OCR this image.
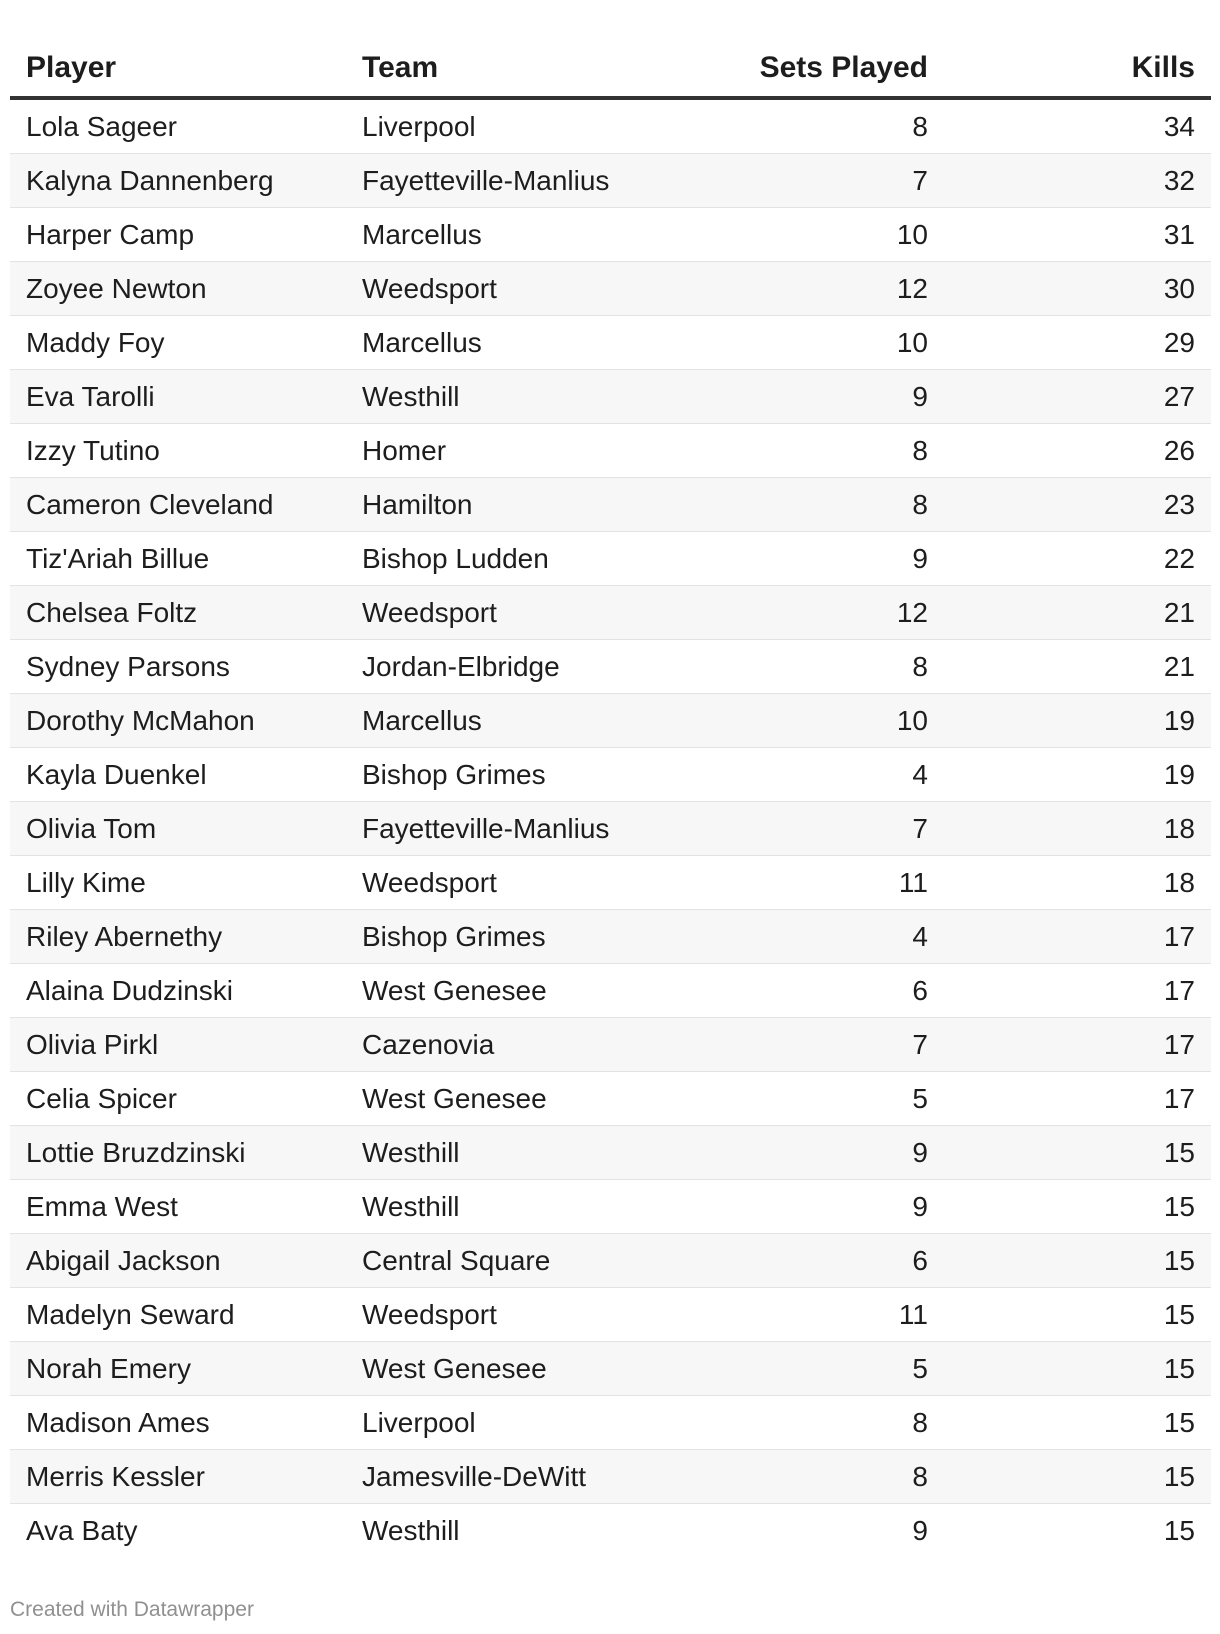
Player	Team	Sets Played	Kills
Lola Sageer	Liverpool	8	34
Kalyna Dannenberg	Fayetteville-Manlius	7	32
Harper Camp	Marcellus	10	31
Zoyee Newton	Weedsport	12	30
Maddy Foy	Marcellus	10	29
Eva Tarolli	Westhill	9	27
Izzy Tutino	Homer	8	26
Cameron Cleveland	Hamilton	8	23
Tiz'Ariah Billue	Bishop Ludden	9	22
Chelsea Foltz	Weedsport	12	21
Sydney Parsons	Jordan-Elbridge	8	21
Dorothy McMahon	Marcellus	10	19
Kayla Duenkel	Bishop Grimes	4	19
Olivia Tom	Fayetteville-Manlius	7	18
Lilly Kime	Weedsport	11	18
Riley Abernethy	Bishop Grimes	4	17
Alaina Dudzinski	West Genesee	6	17
Olivia Pirkl	Cazenovia	7	17
Celia Spicer	West Genesee	5	17
Lottie Bruzdzinski	Westhill	9	15
Emma West	Westhill	9	15
Abigail Jackson	Central Square	6	15
Madelyn Seward	Weedsport	11	15
Norah Emery	West Genesee	5	15
Madison Ames	Liverpool	8	15
Merris Kessler	Jamesville-DeWitt	8	15
Ava Baty	Westhill	9	15
Created with Datawrapper
